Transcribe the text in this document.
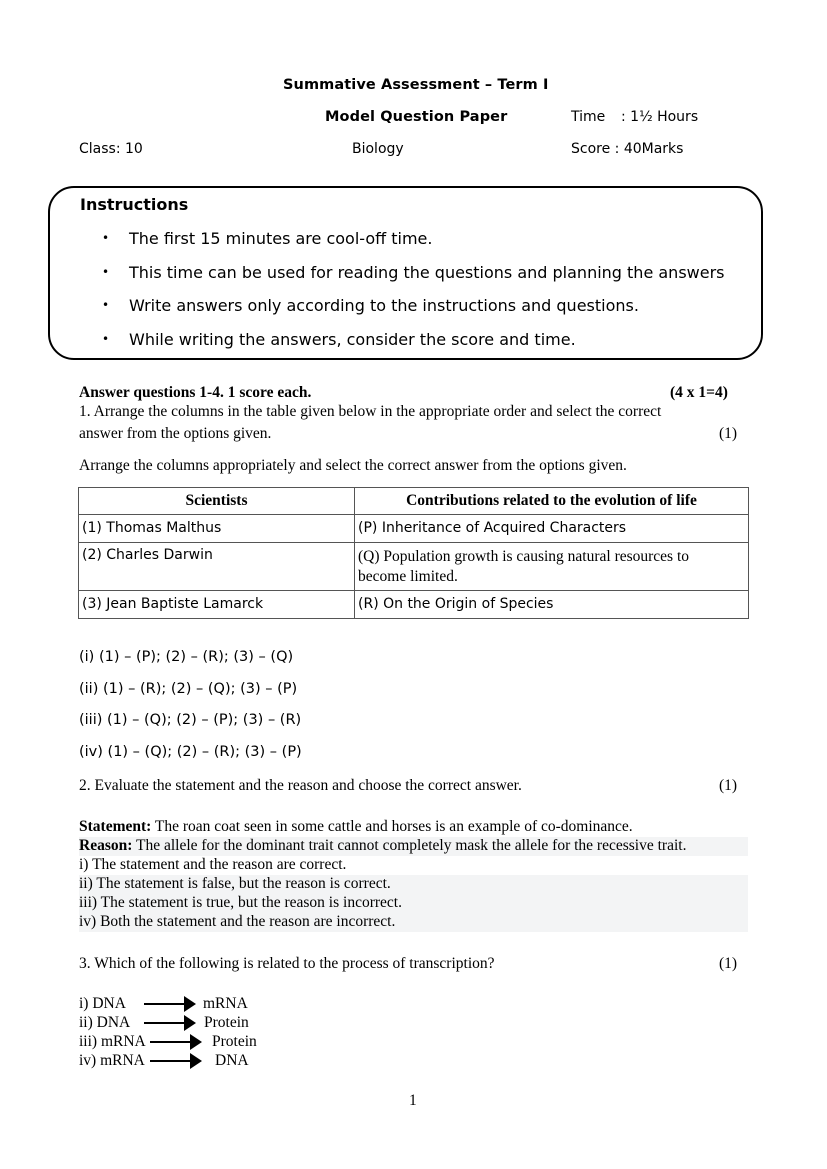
Summative Assessment – Term I
Model Question Paper	Time : 1½ Hours
Class: 10	Biology	Score : 40Marks
Instructions
• The first 15 minutes are cool-off time.
• This time can be used for reading the questions and planning the answers
• Write answers only according to the instructions and questions.
• While writing the answers, consider the score and time.
Answer questions 1-4. 1 score each.	(4 x 1=4)
1. Arrange the columns in the table given below in the appropriate order and select the correct
answer from the options given.	(1)
Arrange the columns appropriately and select the correct answer from the options given.
Scientists	Contributions related to the evolution of life
(1) Thomas Malthus	(P) Inheritance of Acquired Characters
(2) Charles Darwin	(Q) Population growth is causing natural resources to become limited.
(3) Jean Baptiste Lamarck	(R) On the Origin of Species
(i) (1) – (P); (2) – (R); (3) – (Q)
(ii) (1) – (R); (2) – (Q); (3) – (P)
(iii) (1) – (Q); (2) – (P); (3) – (R)
(iv) (1) – (Q); (2) – (R); (3) – (P)
2. Evaluate the statement and the reason and choose the correct answer.	(1)
Statement: The roan coat seen in some cattle and horses is an example of co-dominance.
Reason: The allele for the dominant trait cannot completely mask the allele for the recessive trait.
i) The statement and the reason are correct.
ii) The statement is false, but the reason is correct.
iii) The statement is true, but the reason is incorrect.
iv) Both the statement and the reason are incorrect.
3. Which of the following is related to the process of transcription?	(1)
i) DNA	mRNA
ii) DNA	Protein
iii) mRNA	Protein
iv) mRNA	DNA
1
